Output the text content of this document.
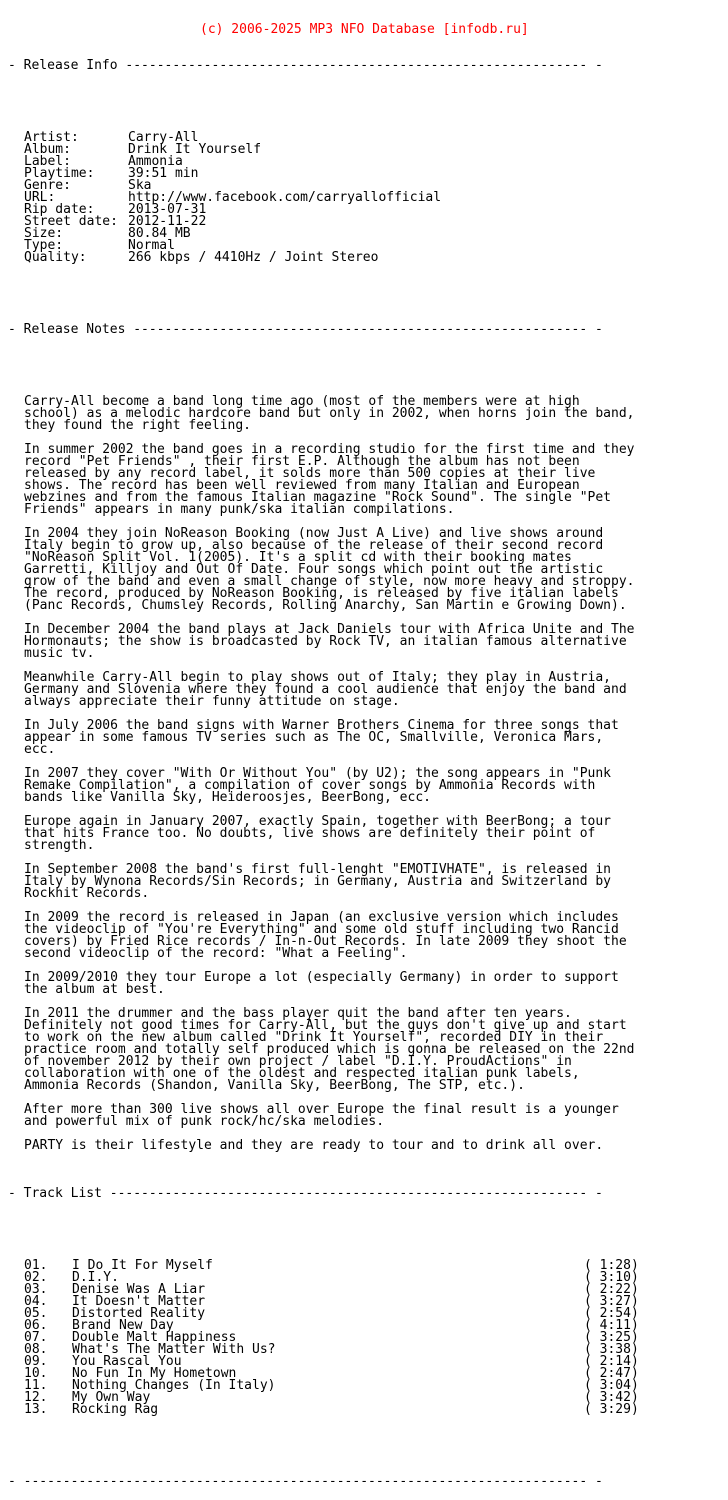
(c) 2006-2025 MP3 NFO Database [infodb.ru]

- Release Info ----------------------------------------------------------- -

Artist:	Carry-All
Album:	Drink It Yourself
Label:	Ammonia
Playtime:	39:51 min
Genre:	Ska
URL:	http://www.facebook.com/carryallofficial
Rip date:	2013-07-31
Street date: 2012-11-22
Size:	80.84 MB
Type:	Normal
Quality:	266 kbps / 4410Hz / Joint Stereo

- Release Notes ---------------------------------------------------------- -

Carry-All become a band long time ago (most of the members were at high
school) as a melodic hardcore band but only in 2002, when horns join the band,
they found the right feeling.

In summer 2002 the band goes in a recording studio for the first time and they
record "Pet Friends" , their first E.P. Although the album has not been
released by any record label, it solds more than 500 copies at their live
shows. The record has been well reviewed from many Italian and European
webzines and from the famous Italian magazine "Rock Sound". The single "Pet
Friends" appears in many punk/ska italian compilations.

In 2004 they join NoReason Booking (now Just A Live) and live shows around
Italy begin to grow up, also because of the release of their second record
"NoReason Split Vol. 1(2005). It's a split cd with their booking mates
Garretti, Killjoy and Out Of Date. Four songs which point out the artistic
grow of the band and even a small change of style, now more heavy and stroppy.
The record, produced by NoReason Booking, is released by five italian labels
(Panc Records, Chumsley Records, Rolling Anarchy, San Martin e Growing Down).

In December 2004 the band plays at Jack Daniels tour with Africa Unite and The
Hormonauts; the show is broadcasted by Rock TV, an italian famous alternative
music tv.

Meanwhile Carry-All begin to play shows out of Italy; they play in Austria,
Germany and Slovenia where they found a cool audience that enjoy the band and
always appreciate their funny attitude on stage.

In July 2006 the band signs with Warner Brothers Cinema for three songs that
appear in some famous TV series such as The OC, Smallville, Veronica Mars,
ecc.

In 2007 they cover "With Or Without You" (by U2); the song appears in "Punk
Remake Compilation", a compilation of cover songs by Ammonia Records with
bands like Vanilla Sky, Heideroosjes, BeerBong, ecc.

Europe again in January 2007, exactly Spain, together with BeerBong; a tour
that hits France too. No doubts, live shows are definitely their point of
strength.

In September 2008 the band's first full-lenght "EMOTIVHATE", is released in
Italy by Wynona Records/Sin Records; in Germany, Austria and Switzerland by
Rockhit Records.

In 2009 the record is released in Japan (an exclusive version which includes
the videoclip of "You're Everything" and some old stuff including two Rancid
covers) by Fried Rice records / In-n-Out Records. In late 2009 they shoot the
second videoclip of the record: "What a Feeling".

In 2009/2010 they tour Europe a lot (especially Germany) in order to support
the album at best.

In 2011 the drummer and the bass player quit the band after ten years.
Definitely not good times for Carry-All, but the guys don't give up and start
to work on the new album called "Drink It Yourself", recorded DIY in their
practice room and totally self produced which is gonna be released on the 22nd
of november 2012 by their own project / label "D.I.Y. ProudActions" in
collaboration with one of the oldest and respected italian punk labels,
Ammonia Records (Shandon, Vanilla Sky, BeerBong, The STP, etc.).

After more than 300 live shows all over Europe the final result is a younger
and powerful mix of punk rock/hc/ska melodies.

PARTY is their lifestyle and they are ready to tour and to drink all over.

- Track List ------------------------------------------------------------- -

01.	I Do It For Myself	( 1:28)
02.	D.I.Y.	( 3:10)
03.	Denise Was A Liar	( 2:22)
04.	It Doesn't Matter	( 3:27)
05.	Distorted Reality	( 2:54)
06.	Brand New Day	( 4:11)
07.	Double Malt Happiness	( 3:25)
08.	What's The Matter With Us?	( 3:38)
09.	You Rascal You	( 2:14)
10.	No Fun In My Hometown	( 2:47)
11.	Nothing Changes (In Italy)	( 3:04)
12.	My Own Way	( 3:42)
13.	Rocking Rag	( 3:29)

- ------------------------------------------------------------------------ -
